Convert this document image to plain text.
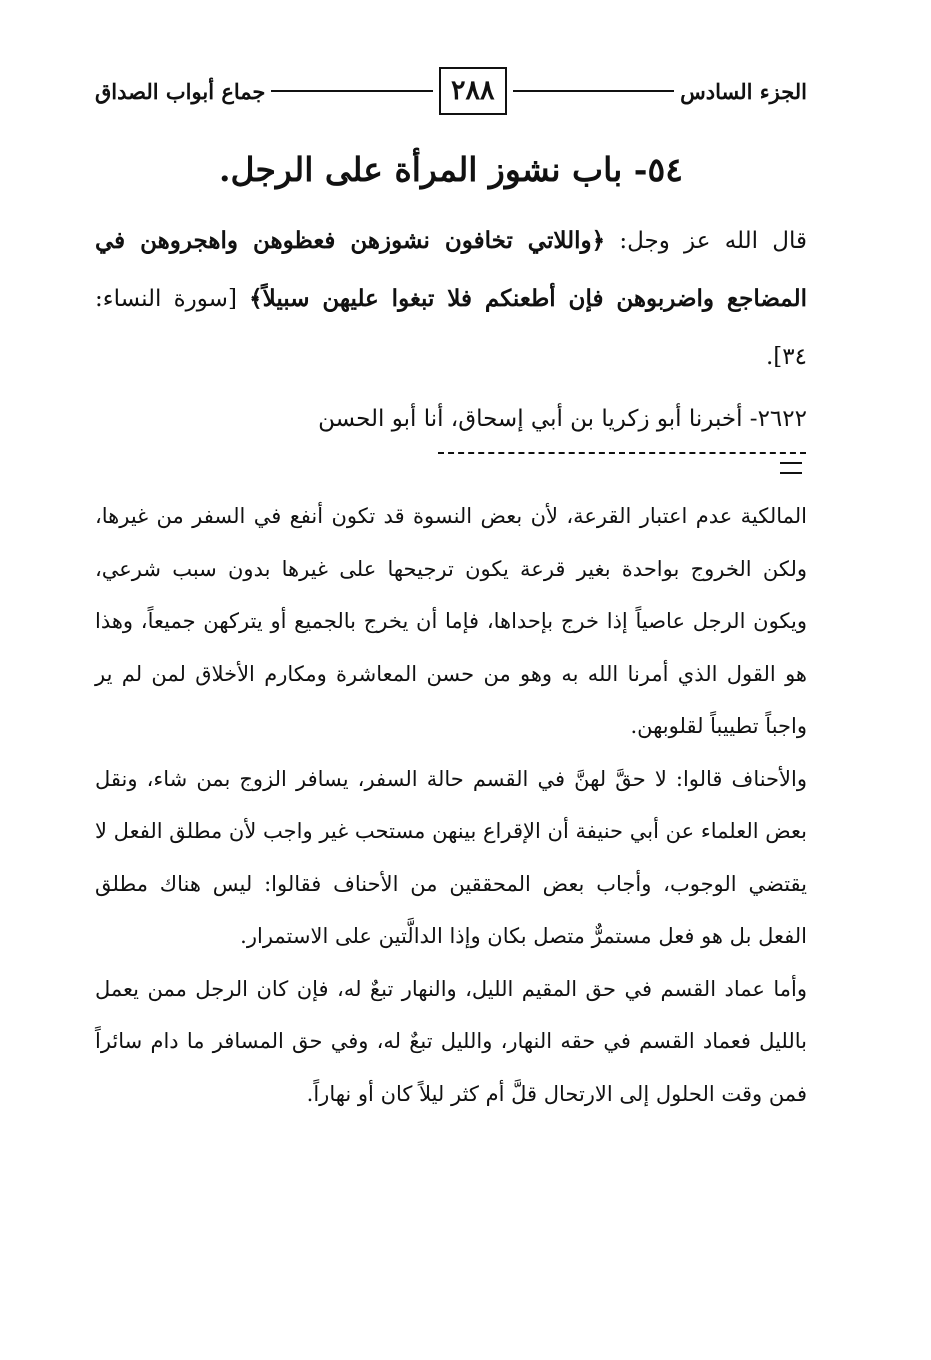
الجزء السادس
٢٨٨
جماع أبواب الصداق
٥٤- باب نشوز المرأة على الرجل.

قال الله عز وجل: ﴿واللاتي تخافون نشوزهن فعظوهن واهجروهن في المضاجع واضربوهن فإن أطعنكم فلا تبغوا عليهن سبيلاً﴾ [سورة النساء: ٣٤].

٢٦٢٢- أخبرنا أبو زكريا بن أبي إسحاق، أنا أبو الحسن

المالكية عدم اعتبار القرعة، لأن بعض النسوة قد تكون أنفع في السفر من غيرها، ولكن الخروج بواحدة بغير قرعة يكون ترجيحها على غيرها بدون سبب شرعي، ويكون الرجل عاصياً إذا خرج بإحداها، فإما أن يخرج بالجميع أو يتركهن جميعاً، وهذا هو القول الذي أمرنا الله به وهو من حسن المعاشرة ومكارم الأخلاق لمن لم ير واجباً تطييباً لقلوبهن.

والأحناف قالوا: لا حقَّ لهنَّ في القسم حالة السفر، يسافر الزوج بمن شاء، ونقل بعض العلماء عن أبي حنيفة أن الإقراع بينهن مستحب غير واجب لأن مطلق الفعل لا يقتضي الوجوب، وأجاب بعض المحققين من الأحناف فقالوا: ليس هناك مطلق الفعل بل هو فعل مستمرٌّ متصل بكان وإذا الدالَّتين على الاستمرار.

وأما عماد القسم في حق المقيم الليل، والنهار تبعٌ له، فإن كان الرجل ممن يعمل بالليل فعماد القسم في حقه النهار، والليل تبعٌ له، وفي حق المسافر ما دام سائراً فمن وقت الحلول إلى الارتحال قلَّ أم كثر ليلاً كان أو نهاراً.
